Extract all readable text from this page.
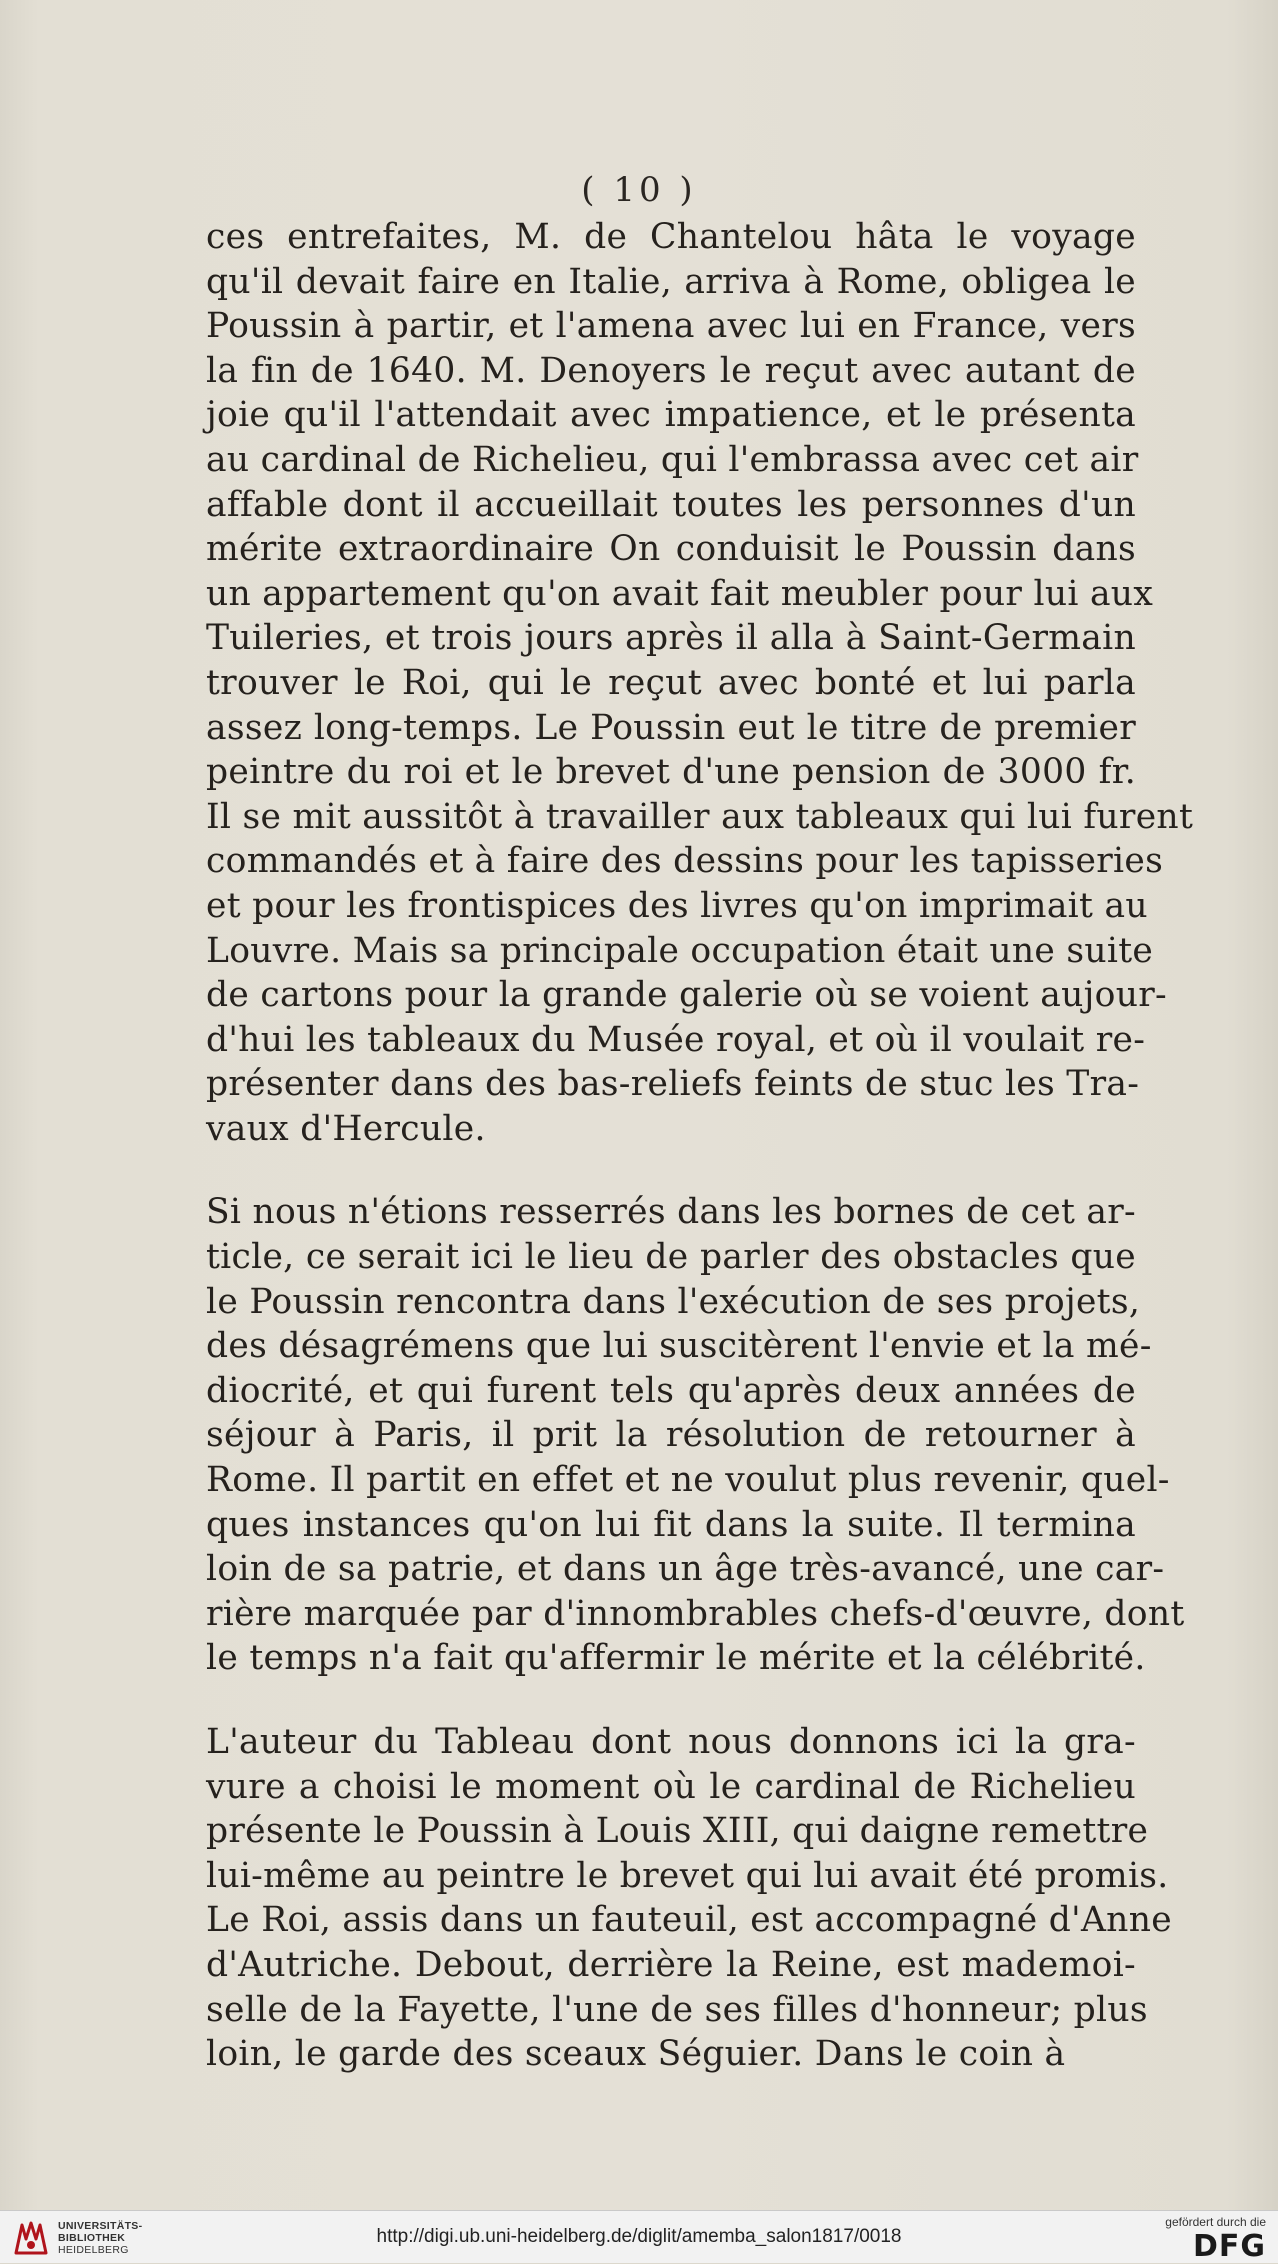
( 10 )
ces entrefaites, M. de Chantelou hâta le voyage
qu'il devait faire en Italie, arriva à Rome, obligea le
Poussin à partir, et l'amena avec lui en France, vers
la fin de 1640. M. Denoyers le reçut avec autant de
joie qu'il l'attendait avec impatience, et le présenta
au cardinal de Richelieu, qui l'embrassa avec cet air
affable dont il accueillait toutes les personnes d'un
mérite extraordinaire On conduisit le Poussin dans
un appartement qu'on avait fait meubler pour lui aux
Tuileries, et trois jours après il alla à Saint-Germain
trouver le Roi, qui le reçut avec bonté et lui parla
assez long-temps. Le Poussin eut le titre de premier
peintre du roi et le brevet d'une pension de 3000 fr.
Il se mit aussitôt à travailler aux tableaux qui lui furent
commandés et à faire des dessins pour les tapisseries
et pour les frontispices des livres qu'on imprimait au
Louvre. Mais sa principale occupation était une suite
de cartons pour la grande galerie où se voient aujour-
d'hui les tableaux du Musée royal, et où il voulait re-
présenter dans des bas-reliefs feints de stuc les Tra-
vaux d'Hercule.
Si nous n'étions resserrés dans les bornes de cet ar-
ticle, ce serait ici le lieu de parler des obstacles que
le Poussin rencontra dans l'exécution de ses projets,
des désagrémens que lui suscitèrent l'envie et la mé-
diocrité, et qui furent tels qu'après deux années de
séjour à Paris, il prit la résolution de retourner à
Rome. Il partit en effet et ne voulut plus revenir, quel-
ques instances qu'on lui fit dans la suite. Il termina
loin de sa patrie, et dans un âge très-avancé, une car-
rière marquée par d'innombrables chefs-d'œuvre, dont
le temps n'a fait qu'affermir le mérite et la célébrité.
L'auteur du Tableau dont nous donnons ici la gra-
vure a choisi le moment où le cardinal de Richelieu
présente le Poussin à Louis XIII, qui daigne remettre
lui-même au peintre le brevet qui lui avait été promis.
Le Roi, assis dans un fauteuil, est accompagné d'Anne
d'Autriche. Debout, derrière la Reine, est mademoi-
selle de la Fayette, l'une de ses filles d'honneur; plus
loin, le garde des sceaux Séguier. Dans le coin à
UNIVERSITÄTS-
BIBLIOTHEK
HEIDELBERG
http://digi.ub.uni-heidelberg.de/diglit/amemba_salon1817/0018
gefördert durch die
DFG
